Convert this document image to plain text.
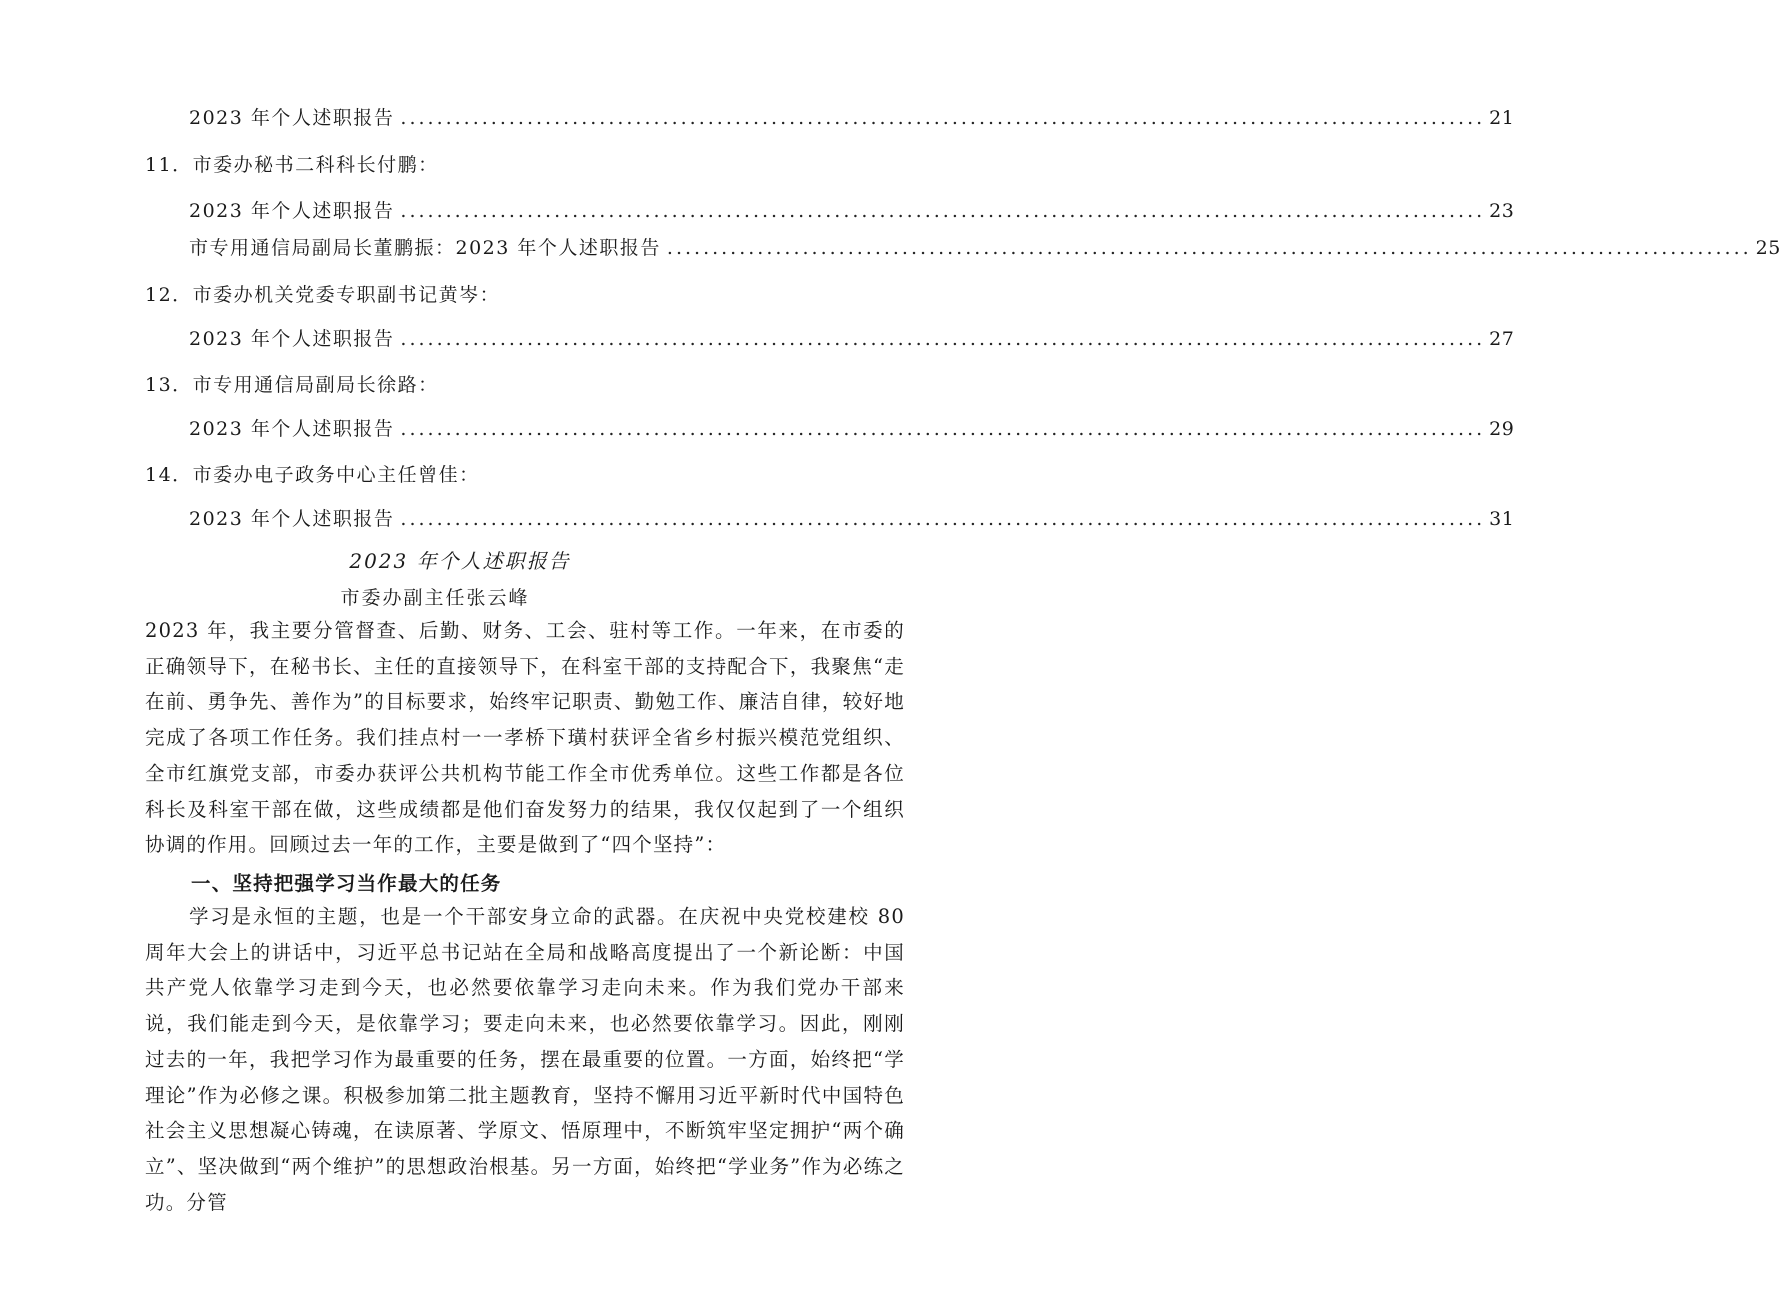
2023 年个人述职报告 ........................................................................................................................ 21
11．市委办秘书二科科长付鹏：
2023 年个人述职报告 ........................................................................................................................ 23
市专用通信局副局长董鹏振：2023 年个人述职报告 ........................................................................................................................ 25
12．市委办机关党委专职副书记黄岑：
2023 年个人述职报告 ........................................................................................................................ 27
13．市专用通信局副局长徐路：
2023 年个人述职报告 ........................................................................................................................ 29
14．市委办电子政务中心主任曾佳：
2023 年个人述职报告 ........................................................................................................................ 31
2023 年个人述职报告
市委办副主任张云峰
2023 年，我主要分管督查、后勤、财务、工会、驻村等工作。一年来，在市委的正确领导下，在秘书长、主任的直接领导下，在科室干部的支持配合下，我聚焦“走在前、勇争先、善作为”的目标要求，始终牢记职责、勤勉工作、廉洁自律，较好地完成了各项工作任务。我们挂点村一一孝桥下璜村获评全省乡村振兴模范党组织、全市红旗党支部，市委办获评公共机构节能工作全市优秀单位。这些工作都是各位科长及科室干部在做，这些成绩都是他们奋发努力的结果，我仅仅起到了一个组织协调的作用。回顾过去一年的工作，主要是做到了“四个坚持”：
一、坚持把强学习当作最大的任务
学习是永恒的主题，也是一个干部安身立命的武器。在庆祝中央党校建校 80 周年大会上的讲话中，习近平总书记站在全局和战略高度提出了一个新论断：中国共产党人依靠学习走到今天，也必然要依靠学习走向未来。作为我们党办干部来说，我们能走到今天，是依靠学习；要走向未来，也必然要依靠学习。因此，刚刚过去的一年，我把学习作为最重要的任务，摆在最重要的位置。一方面，始终把“学理论”作为必修之课。积极参加第二批主题教育，坚持不懈用习近平新时代中国特色社会主义思想凝心铸魂，在读原著、学原文、悟原理中，不断筑牢坚定拥护“两个确立”、坚决做到“两个维护”的思想政治根基。另一方面，始终把“学业务”作为必练之功。分管
